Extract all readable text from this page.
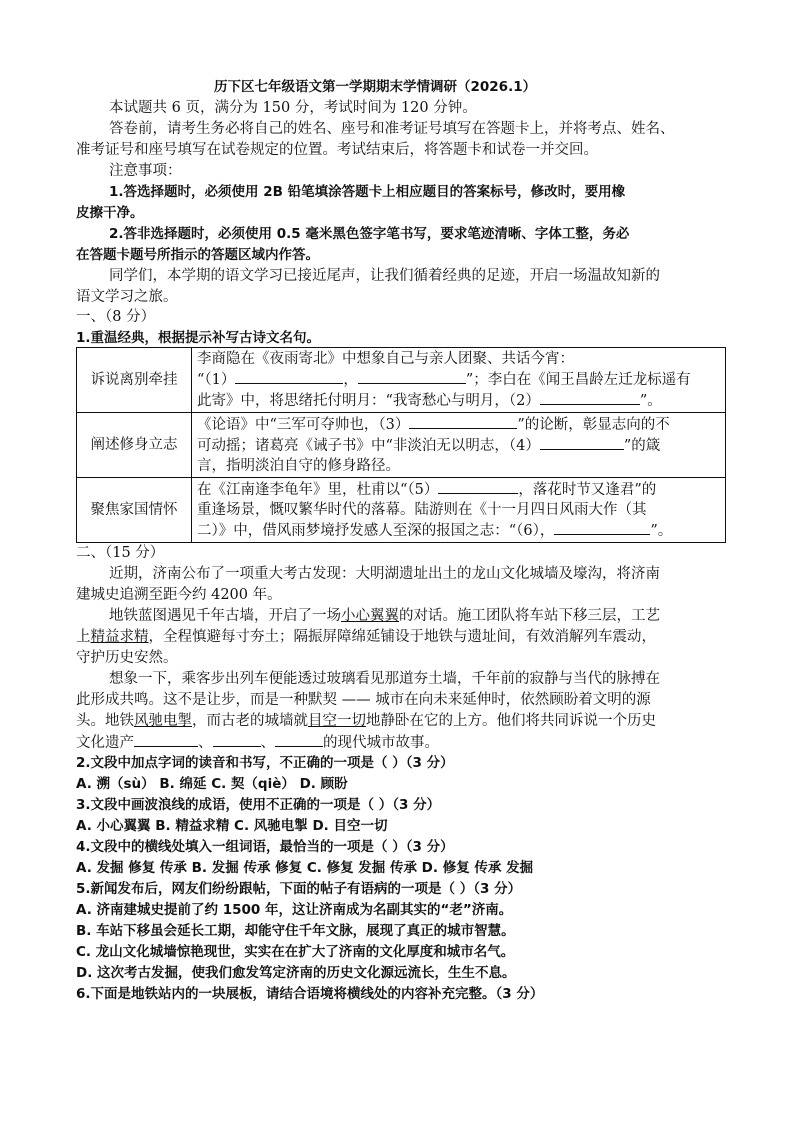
历下区七年级语文第一学期期末学情调研（2026.1）
本试题共 6 页，满分为 150 分，考试时间为 120 分钟。
答卷前，请考生务必将自己的姓名、座号和准考证号填写在答题卡上，并将考点、姓名、
准考证号和座号填写在试卷规定的位置。考试结束后，将答题卡和试卷一并交回。
注意事项：
1.答选择题时，必须使用 2B 铅笔填涂答题卡上相应题目的答案标号，修改时，要用橡
皮擦干净。
2.答非选择题时，必须使用 0.5 毫米黑色签字笔书写，要求笔迹清晰、字体工整，务必
在答题卡题号所指示的答题区域内作答。
同学们，本学期的语文学习已接近尾声，让我们循着经典的足迹，开启一场温故知新的
语文学习之旅。
一、（8 分）
1.重温经典，根据提示补写古诗文名句。
诉说离别牵挂	李商隐在《夜雨寄北》中想象自己与亲人团聚、共话今宵：
“（1） ， ”；李白在《闻王昌龄左迁龙标遥有
此寄》中，将思绪托付明月：“我寄愁心与明月，（2） ”。

阐述修身立志	《论语》中“三军可夺帅也，（3） ”的论断，彰显志向的不
可动摇；诸葛亮《诫子书》中“非淡泊无以明志，（4） ”的箴
言，指明淡泊自守的修身路径。

聚焦家国情怀	在《江南逢李龟年》里，杜甫以“（5） ，落花时节又逢君”的
重逢场景，慨叹繁华时代的落幕。陆游则在《十一月四日风雨大作（其
二）》中，借风雨梦境抒发感人至深的报国之志：“（6）， ”。
二、（15 分）
近期，济南公布了一项重大考古发现：大明湖遗址出土的龙山文化城墙及壕沟，将济南
建城史追溯至距今约 4200 年。
地铁蓝图遇见千年古墙，开启了一场小心翼翼的对话。施工团队将车站下移三层，工艺
上精益求精，全程慎避每寸夯土；隔振屏障绵延铺设于地铁与遗址间，有效消解列车震动，
守护历史安然。
想象一下，乘客步出列车便能透过玻璃看见那道夯土墙，千年前的寂静与当代的脉搏在
此形成共鸣。这不是让步，而是一种默契 —— 城市在向未来延伸时，依然顾盼着文明的源
头。地铁风驰电掣，而古老的城墙就目空一切地静卧在它的上方。他们将共同诉说一个历史
文化遗产	、	、	的现代城市故事。
2.文段中加点字词的读音和书写，不正确的一项是（ ）（3 分）
A. 溯（sù） B. 绵延 C. 契（qiè） D. 顾盼
3.文段中画波浪线的成语，使用不正确的一项是（ ）（3 分）
A. 小心翼翼 B. 精益求精 C. 风驰电掣 D. 目空一切
4.文段中的横线处填入一组词语，最恰当的一项是（ ）（3 分）
A. 发掘 修复 传承 B. 发掘 传承 修复 C. 修复 发掘 传承 D. 修复 传承 发掘
5.新闻发布后，网友们纷纷跟帖，下面的帖子有语病的一项是（ ）（3 分）
A. 济南建城史提前了约 1500 年，这让济南成为名副其实的“老”济南。
B. 车站下移虽会延长工期，却能守住千年文脉，展现了真正的城市智慧。
C. 龙山文化城墙惊艳现世，实实在在扩大了济南的文化厚度和城市名气。
D. 这次考古发掘，使我们愈发笃定济南的历史文化源远流长，生生不息。
6.下面是地铁站内的一块展板，请结合语境将横线处的内容补充完整。（3 分）
